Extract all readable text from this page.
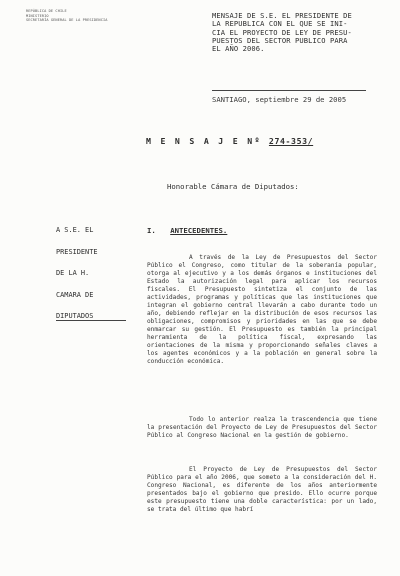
REPÚBLICA DE CHILE
MINISTERIO
SECRETARÍA GENERAL DE LA PRESIDENCIA
MENSAJE DE S.E. EL PRESIDENTE DE
LA REPUBLICA CON EL QUE SE INI-
CIA EL PROYECTO DE LEY DE PRESU-
PUESTOS DEL SECTOR PUBLICO PARA
EL AÑO 2006.
SANTIAGO, septiembre 29 de 2005
M E N S A J E Nº 274-353/
Honorable Cámara de Diputados:
A S.E. EL
PRESIDENTE
DE LA H.
CAMARA DE
DIPUTADOS
I. ANTECEDENTES.

A través de la Ley de Presupuestos del Sector Público el Congreso, como titular de la soberanía popular, otorga al ejecutivo y a los demás órganos e instituciones del Estado la autorización legal para aplicar los recursos fiscales. El Presupuesto sintetiza el conjunto de las actividades, programas y políticas que las instituciones que integran el gobierno central llevarán a cabo durante todo un año, debiendo reflejar en la distribución de esos recursos las obligaciones, compromisos y prioridades en las que se debe enmarcar su gestión. El Presupuesto es también la principal herramienta de la política fiscal, expresando las orientaciones de la misma y proporcionando señales claves a los agentes económicos y a la población en general sobre la conducción económica.

Todo lo anterior realza la trascendencia que tiene la presentación del Proyecto de Ley de Presupuestos del Sector Público al Congreso Nacional en la gestión de gobierno.

El Proyecto de Ley de Presupuestos del Sector Público para el año 2006, que someto a la consideración del H. Congreso Nacional, es diferente de los años anteriormente presentados bajo el gobierno que presido. Ello ocurre porque este presupuesto tiene una doble característica: por un lado, se trata del último que habrí
